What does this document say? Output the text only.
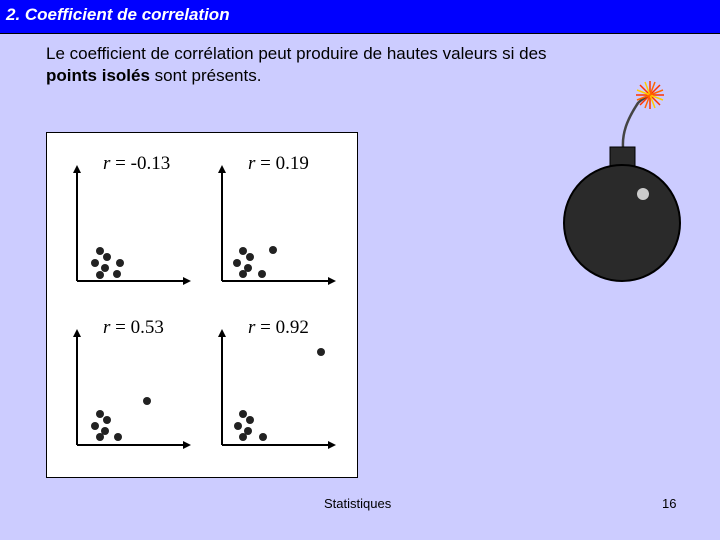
2. Coefficient de correlation
Le coefficient de corrélation peut produire de hautes valeurs si des points isolés sont présents.
r = -0.13	r = 0.19
r = 0.53	r = 0.92
Statistiques	16
